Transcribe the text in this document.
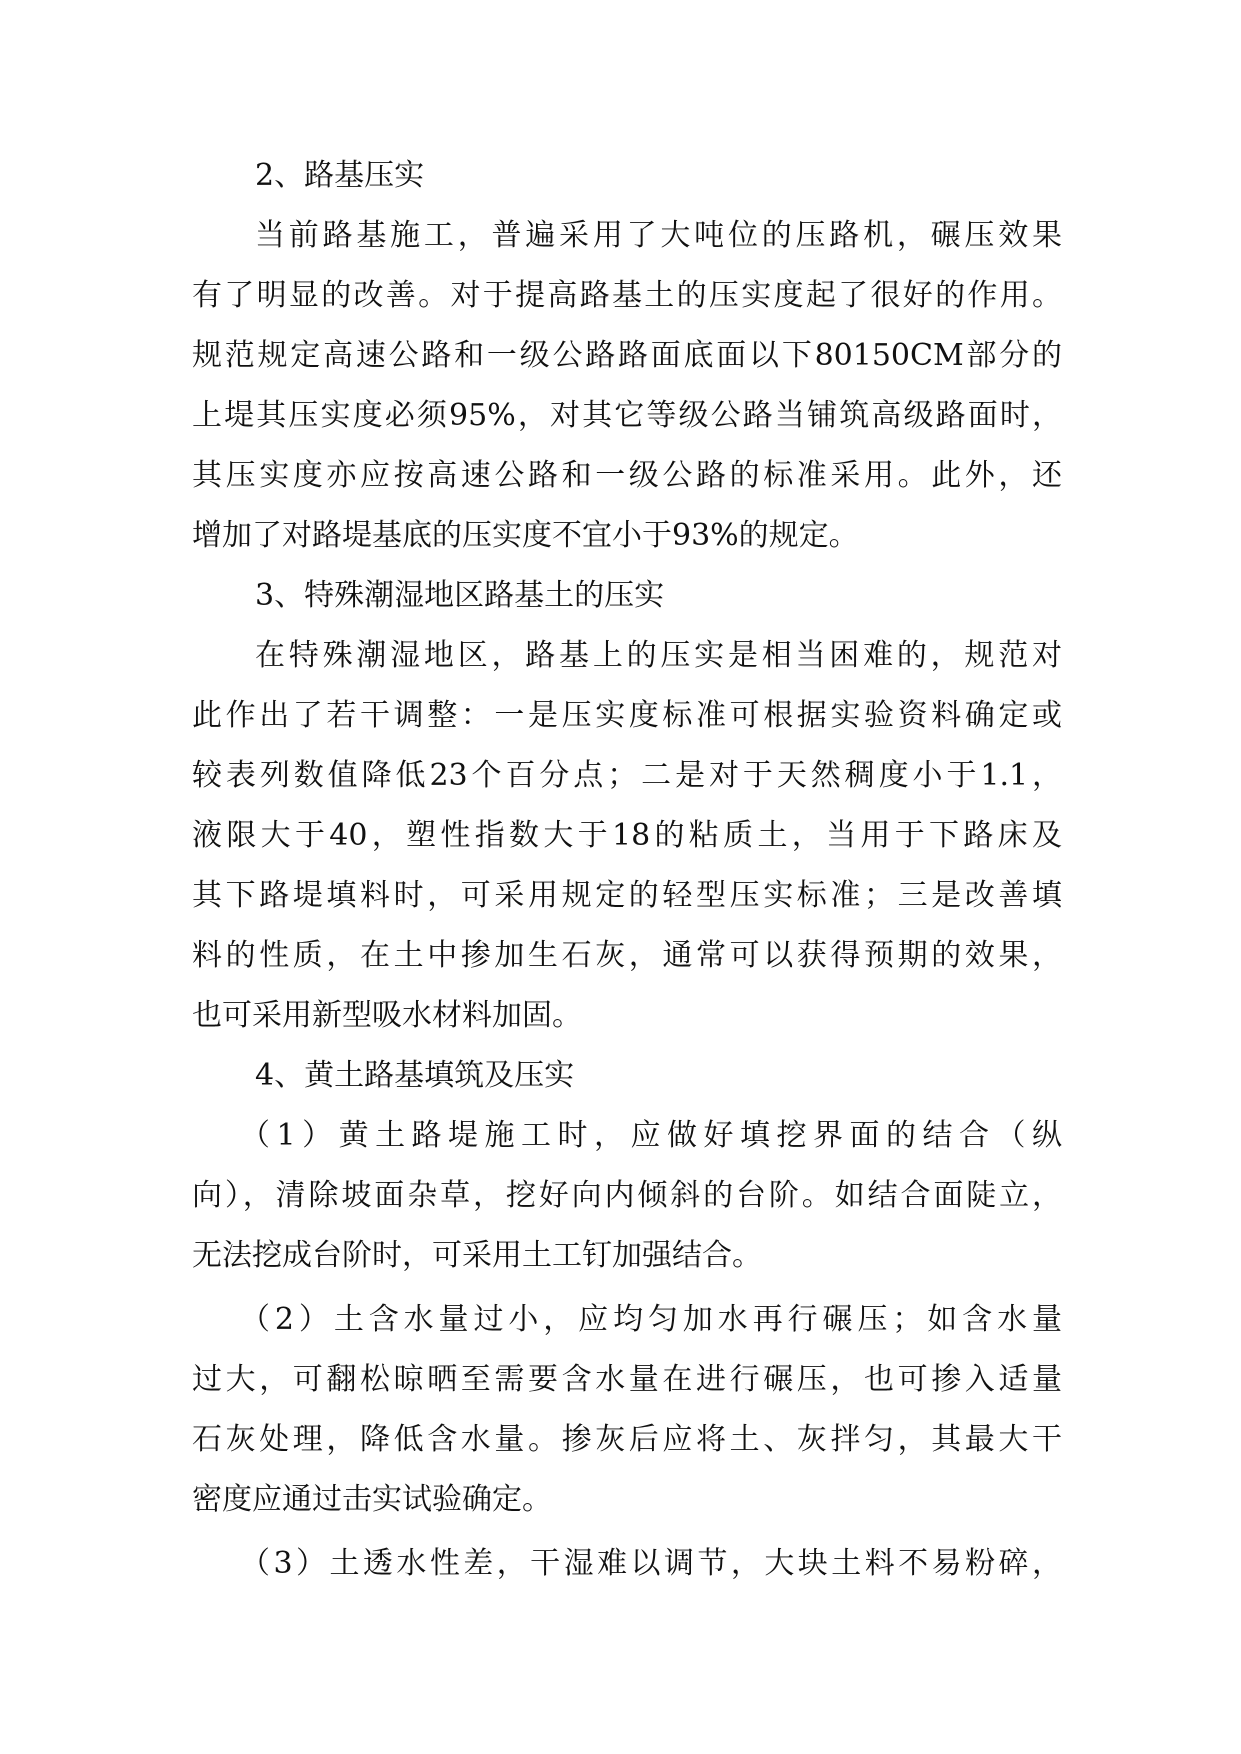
2、路基压实
当前路基施工，普遍采用了大吨位的压路机，碾压效果
有了明显的改善。对于提高路基土的压实度起了很好的作用。
规范规定高速公路和一级公路路面底面以下80150CM部分的
上堤其压实度必须95%，对其它等级公路当铺筑高级路面时，
其压实度亦应按高速公路和一级公路的标准采用。此外，还
增加了对路堤基底的压实度不宜小于93%的规定。
3、特殊潮湿地区路基土的压实
在特殊潮湿地区，路基上的压实是相当困难的，规范对
此作出了若干调整：一是压实度标准可根据实验资料确定或
较表列数值降低23个百分点；二是对于天然稠度小于1.1，
液限大于40，塑性指数大于18的粘质土，当用于下路床及
其下路堤填料时，可采用规定的轻型压实标准；三是改善填
料的性质，在土中掺加生石灰，通常可以获得预期的效果，
也可采用新型吸水材料加固。
4、黄土路基填筑及压实
（1）黄土路堤施工时，应做好填挖界面的结合（纵
向），清除坡面杂草，挖好向内倾斜的台阶。如结合面陡立，
无法挖成台阶时，可采用土工钉加强结合。
（2）土含水量过小，应均匀加水再行碾压；如含水量
过大，可翻松晾晒至需要含水量在进行碾压，也可掺入适量
石灰处理，降低含水量。掺灰后应将土、灰拌匀，其最大干
密度应通过击实试验确定。
（3）土透水性差，干湿难以调节，大块土料不易粉碎，
